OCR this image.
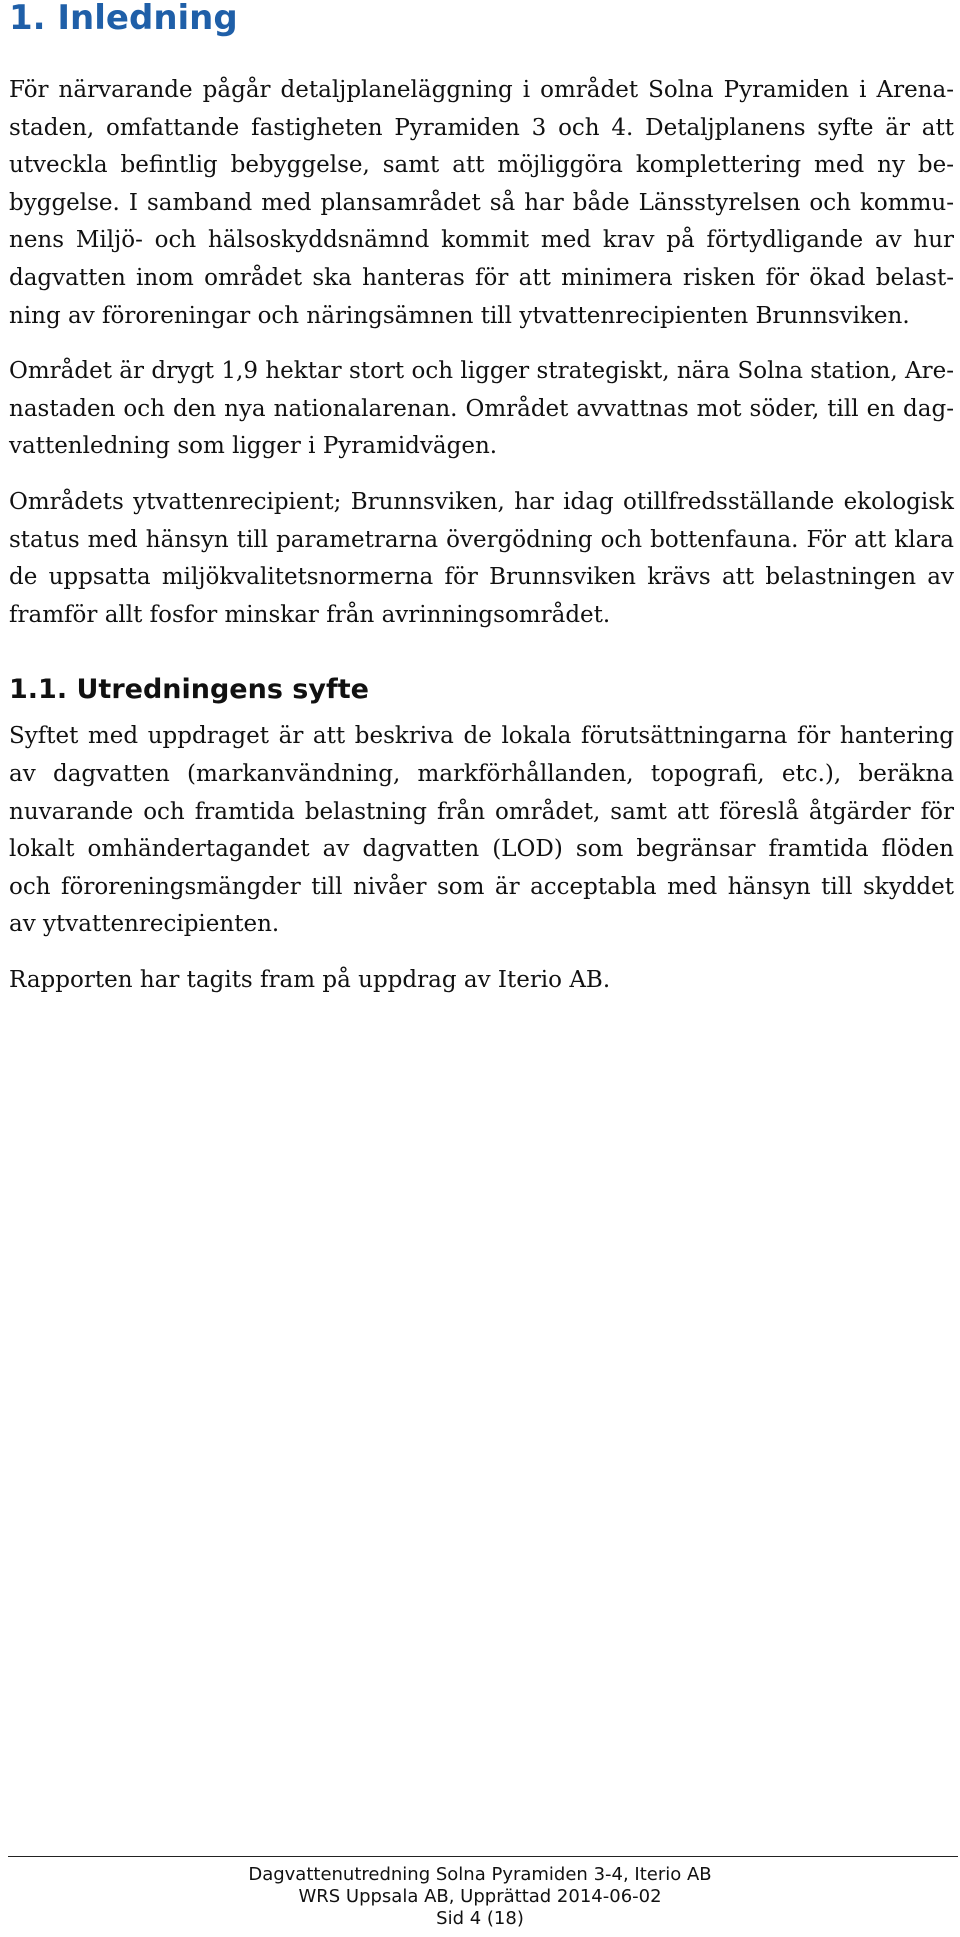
1. Inledning

För närvarande pågår detaljplaneläggning i området Solna Pyramiden i Arenastaden, omfattande fastigheten Pyramiden 3 och 4. Detaljplanens syfte är att utveckla befintlig bebyggelse, samt att möjliggöra komplettering med ny bebyggelse. I samband med plansamrådet så har både Länsstyrelsen och kommunens Miljö- och hälsoskyddsnämnd kommit med krav på förtydligande av hur dagvatten inom området ska hanteras för att minimera risken för ökad belastning av föroreningar och näringsämnen till ytvattenrecipienten Brunnsviken.

Området är drygt 1,9 hektar stort och ligger strategiskt, nära Solna station, Arenastaden och den nya nationalarenan. Området avvattnas mot söder, till en dagvattenledning som ligger i Pyramidvägen.

Områdets ytvattenrecipient; Brunnsviken, har idag otillfredsställande ekologisk status med hänsyn till parametrarna övergödning och bottenfauna. För att klara de uppsatta miljökvalitetsnormerna för Brunnsviken krävs att belastningen av framför allt fosfor minskar från avrinningsområdet.

1.1. Utredningens syfte

Syftet med uppdraget är att beskriva de lokala förutsättningarna för hantering av dagvatten (markanvändning, markförhållanden, topografi, etc.), beräkna nuvarande och framtida belastning från området, samt att föreslå åtgärder för lokalt omhändertagandet av dagvatten (LOD) som begränsar framtida flöden och föroreningsmängder till nivåer som är acceptabla med hänsyn till skyddet av ytvattenrecipienten.

Rapporten har tagits fram på uppdrag av Iterio AB.

Dagvattenutredning Solna Pyramiden 3-4, Iterio AB
WRS Uppsala AB, Upprättad 2014-06-02
Sid 4 (18)
